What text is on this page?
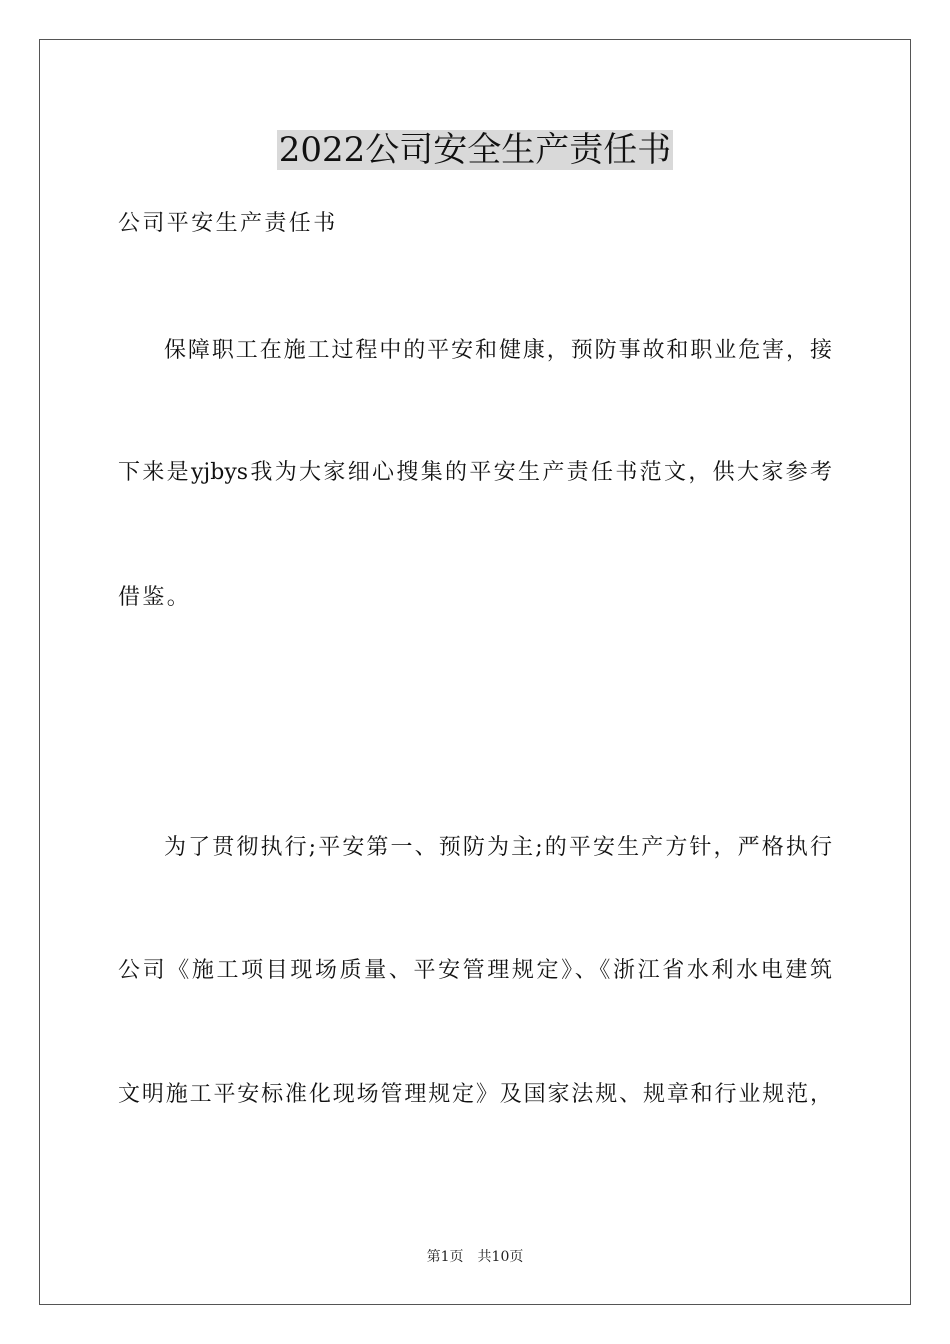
2022公司安全生产责任书
公司平安生产责任书
保障职工在施工过程中的平安和健康，预防事故和职业危害，接
下来是yjbys我为大家细心搜集的平安生产责任书范文，供大家参考
借鉴。
为了贯彻执行;平安第一、预防为主;的平安生产方针，严格执行
公司《施工项目现场质量、平安管理规定》、《浙江省水利水电建筑
文明施工平安标准化现场管理规定》及国家法规、规章和行业规范，
第1页 共10页
